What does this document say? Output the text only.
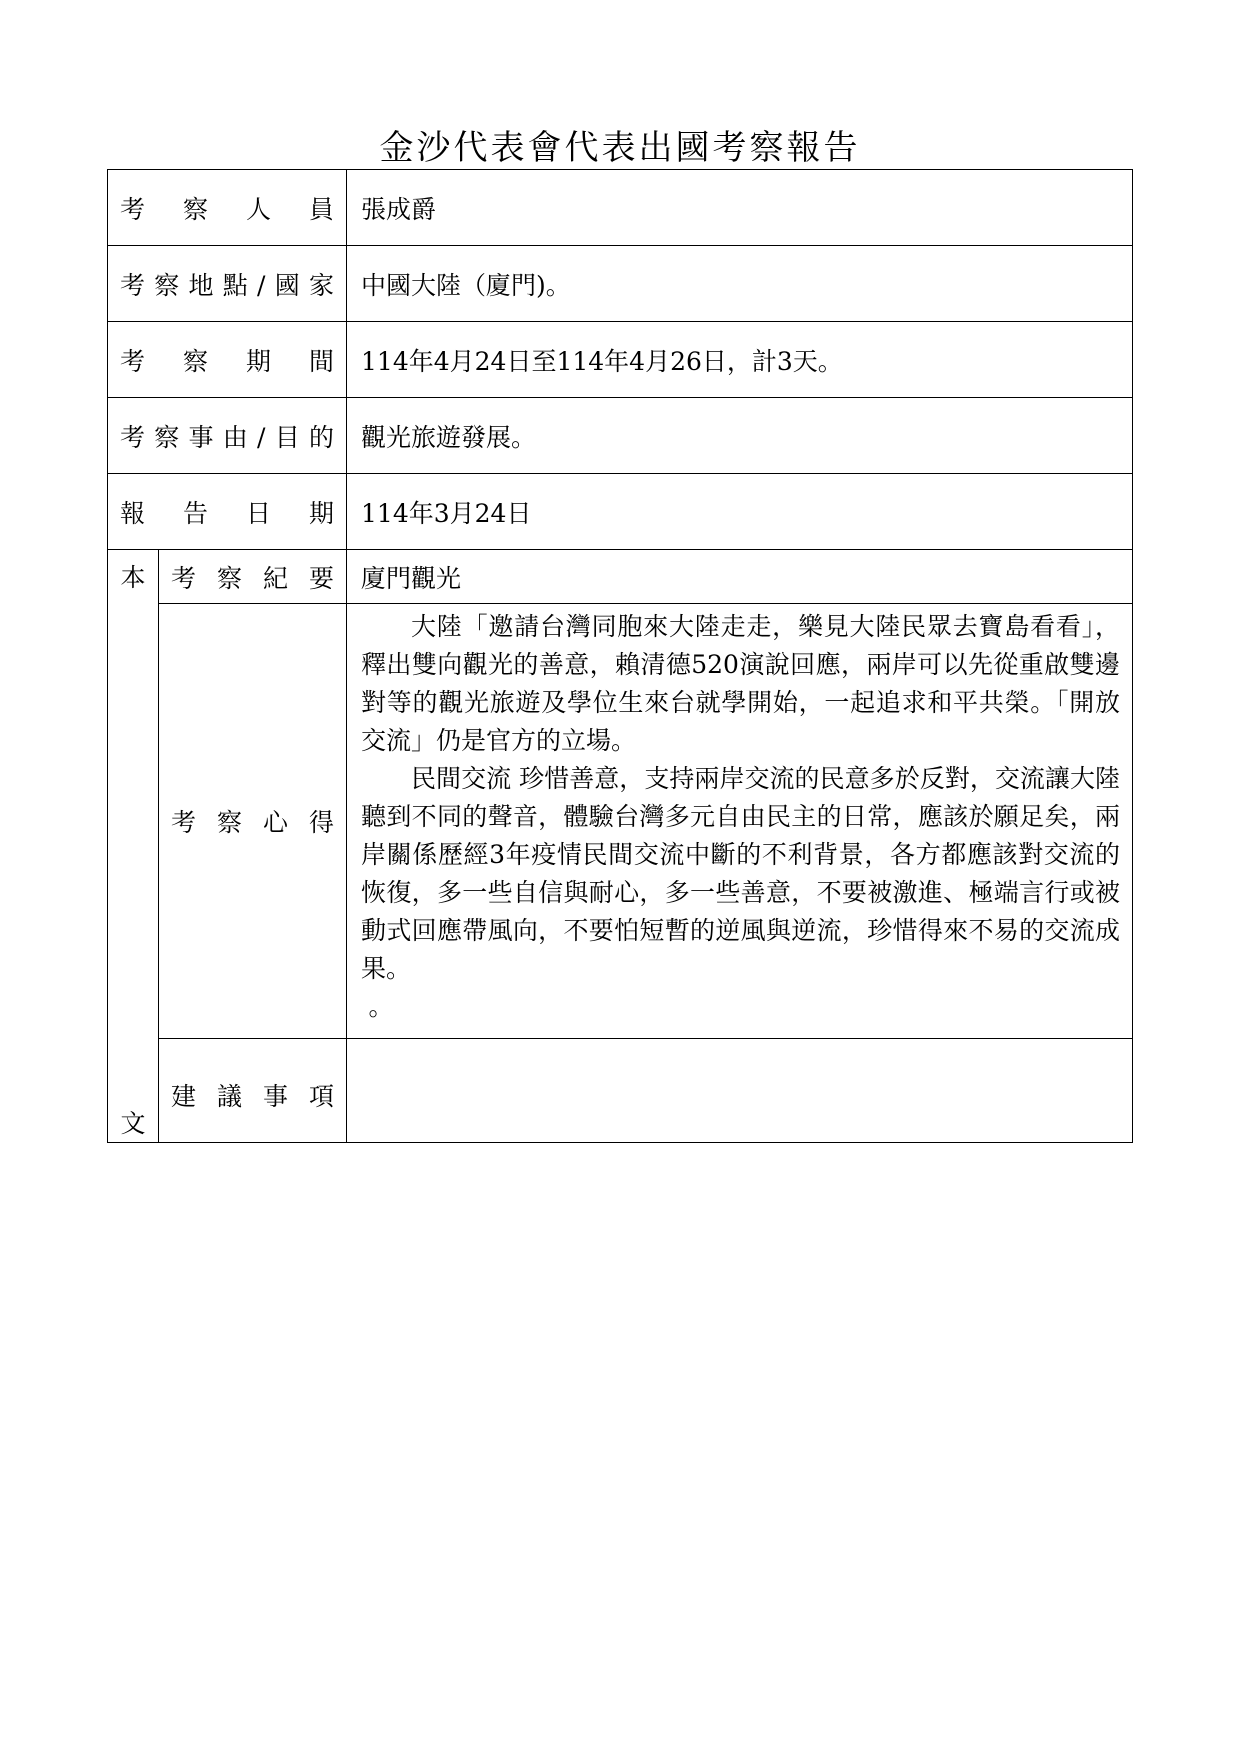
金沙代表會代表出國考察報告
考察人員		張成爵
考察地點/國家		中國大陸（廈門)。
考察期間		114年4月24日至114年4月26日，計3天。
考察事由/目的		觀光旅遊發展。
報告日期		114年3月24日

本
文	考察紀要	廈門觀光
	考察心得	大陸「邀請台灣同胞來大陸走走，樂見大陸民眾去寶島看看」，釋出雙向觀光的善意，賴清德520演說回應，兩岸可以先從重啟雙邊對等的觀光旅遊及學位生來台就學開始，一起追求和平共榮。「開放交流」仍是官方的立場。

民間交流 珍惜善意，支持兩岸交流的民意多於反對，交流讓大陸聽到不同的聲音，體驗台灣多元自由民主的日常，應該於願足矣，兩岸關係歷經3年疫情民間交流中斷的不利背景，各方都應該對交流的恢復，多一些自信與耐心，多一些善意，不要被激進、極端言行或被動式回應帶風向，不要怕短暫的逆風與逆流，珍惜得來不易的交流成果。

。

	建議事項	
